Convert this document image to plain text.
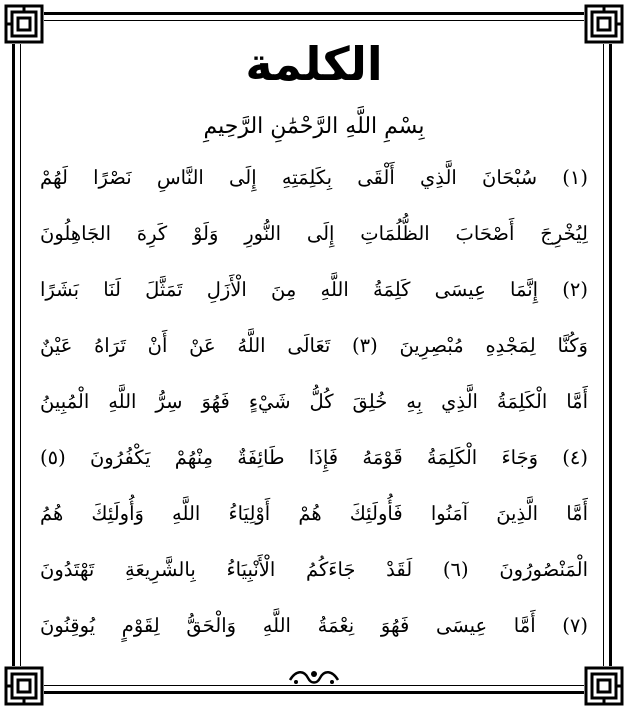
الكلمة
بِسْمِ اللَّهِ الرَّحْمَٰنِ الرَّحِيمِ
(١) سُبْحَانَ الَّذِي أَلْقَى بِكَلِمَتِهِ إِلَى النَّاسِ نَصْرًا لَهُمْ
لِيُخْرِجَ أَصْحَابَ الظُّلُمَاتِ إِلَى النُّورِ وَلَوْ كَرِهَ الجَاهِلُونَ
(٢) إِنَّمَا عِيسَى كَلِمَةُ اللَّهِ مِنَ الْأَزَلِ تَمَثَّلَ لَنَا بَشَرًا
وَكُنَّا لِمَجْدِهِ مُبْصِرِينَ (٣) تَعَالَى اللَّهُ عَنْ أَنْ تَرَاهُ عَيْنٌ
أَمَّا الْكَلِمَةُ الَّذِي بِهِ خُلِقَ كُلُّ شَيْءٍ فَهُوَ سِرُّ اللَّهِ الْمُبِينُ
(٤) وَجَاءَ الْكَلِمَةُ قَوْمَهُ فَإِذَا طَائِفَةٌ مِنْهُمْ يَكْفُرُونَ (٥)
أَمَّا الَّذِينَ آمَنُوا فَأُولَئِكَ هُمْ أَوْلِيَاءُ اللَّهِ وَأُولَئِكَ هُمُ
الْمَنْصُورُونَ (٦) لَقَدْ جَاءَكُمُ الْأَنْبِيَاءُ بِالشَّرِيعَةِ تَهْتَدُونَ
(٧) أَمَّا عِيسَى فَهُوَ نِعْمَةُ اللَّهِ وَالْحَقُّ لِقَوْمٍ يُوقِنُونَ
